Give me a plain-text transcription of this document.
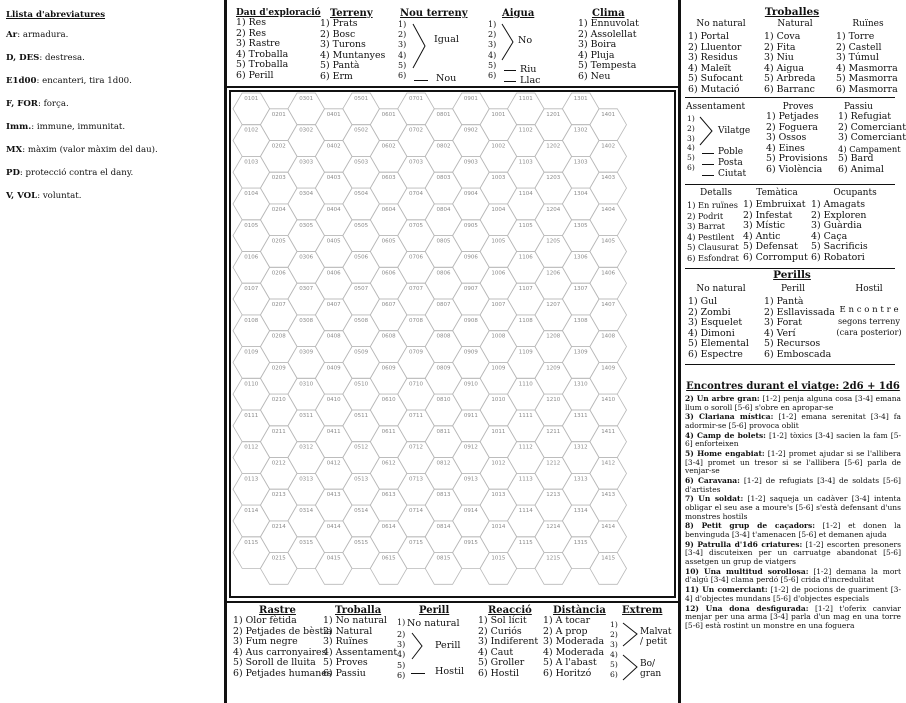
Llista d'abreviatures
Ar: armadura.
D, DES: destresa.
E1d00: encanteri, tira 1d00.
F, FOR: força.
Imm.: immune, immunitat.
MX: màxim (valor màxim del dau).
PD: protecció contra el dany.
V, VOL: voluntat.
Dau d'exploració
1) Res
2) Res
3) Rastre
4) Troballa
5) Troballa
6) Perill
Terreny
1) Prats
2) Bosc
3) Turons
4) Muntanyes
5) Pantà
6) Erm
Nou terreny
1)
2)
3)
4)
5)
6)
Igual
Nou
Aigua
1)
2)
3)
4)
5)
6)
No
Riu
Llac
Clima
1) Ennuvolat
2) Assolellat
3) Boira
4) Pluja
5) Tempesta
6) Neu
0101
0102
0103
0104
0105
0106
0107
0108
0109
0110
0111
0112
0113
0114
0115
0201
0202
0203
0204
0205
0206
0207
0208
0209
0210
0211
0212
0213
0214
0215
0301
0302
0303
0304
0305
0306
0307
0308
0309
0310
0311
0312
0313
0314
0315
0401
0402
0403
0404
0405
0406
0407
0408
0409
0410
0411
0412
0413
0414
0415
0501
0502
0503
0504
0505
0506
0507
0508
0509
0510
0511
0512
0513
0514
0515
0601
0602
0603
0604
0605
0606
0607
0608
0609
0610
0611
0612
0613
0614
0615
0701
0702
0703
0704
0705
0706
0707
0708
0709
0710
0711
0712
0713
0714
0715
0801
0802
0803
0804
0805
0806
0807
0808
0809
0810
0811
0812
0813
0814
0815
0901
0902
0903
0904
0905
0906
0907
0908
0909
0910
0911
0912
0913
0914
0915
1001
1002
1003
1004
1005
1006
1007
1008
1009
1010
1011
1012
1013
1014
1015
1101
1102
1103
1104
1105
1106
1107
1108
1109
1110
1111
1112
1113
1114
1115
1201
1202
1203
1204
1205
1206
1207
1208
1209
1210
1211
1212
1213
1214
1215
1301
1302
1303
1304
1305
1306
1307
1308
1309
1310
1311
1312
1313
1314
1315
1401
1402
1403
1404
1405
1406
1407
1408
1409
1410
1411
1412
1413
1414
1415
Rastre
1) Olor fètida
2) Petjades de bèstia
3) Fum negre
4) Aus carronyaires
5) Soroll de lluita
6) Petjades humanes
Troballa
1) No natural
2) Natural
3) Ruïnes
4) Assentament
5) Proves
6) Passiu
Perill
1) No natural
2)
3)
4)
5)
6)
Perill
Hostil
Reacció
1) Sol lícit
2) Curiós
3) Indiferent
4) Caut
5) Groller
6) Hostil
Distància
1) A tocar
2) A prop
3) Moderada
4) Moderada
5) A l'abast
6) Horitzó
Extrem
1)
2)
3)
4)
5)
6)
Malvat
/ petit
Bo/
gran
Troballes
No natural
1) Portal
2) Lluentor
3) Residus
4) Maleït
5) Sufocant
6) Mutació
Natural
1) Cova
2) Fita
3) Niu
4) Aigua
5) Arbreda
6) Barranc
Ruïnes
1) Torre
2) Castell
3) Túmul
4) Masmorra
5) Masmorra
6) Masmorra
Assentament
1)
2)
3)
4)
5)
6)
Vilatge
Poble
Posta
Ciutat
Proves
1) Petjades
2) Foguera
3) Ossos
4) Eines
5) Provisions
6) Violència
Passiu
1) Refugiat
2) Comerciant
3) Comerciant
4) Campament
5) Bard
6) Animal
Detalls
1) En ruïnes
2) Podrit
3) Barrat
4) Pestilent
5) Clausurat
6) Esfondrat
Temàtica
1) Embruixat
2) Infestat
3) Místic
4) Antic
5) Defensat
6) Corromput
Ocupants
1) Amagats
2) Exploren
3) Guàrdia
4) Caça
5) Sacrificis
6) Robatori
Perills
No natural
1) Gul
2) Zombi
3) Esquelet
4) Dimoni
5) Elemental
6) Espectre
Perill
1) Pantà
2) Esllavissada
3) Forat
4) Verí
5) Recursos
6) Emboscada
Hostil
E n c o n t r e
segons terreny
(cara posterior)
Encontres durant el viatge: 2d6 + 1d6
2) Un arbre gran: [1-2] penja alguna cosa [3-4] emana llum o soroll [5-6] s'obre en apropar-se
3) Clariana mística: [1-2] emana serenitat [3-4] fa adormir-se [5-6] provoca oblit
4) Camp de bolets: [1-2] tòxics [3-4] sacien la fam [5-6] enforteixen
5) Home engabiat: [1-2] promet ajudar si se l'allibera [3-4] promet un tresor si se l'allibera [5-6] parla de venjar-se
6) Caravana: [1-2] de refugiats [3-4] de soldats [5-6] d'artistes
7) Un soldat: [1-2] saqueja un cadàver [3-4] intenta obligar el seu ase a moure's [5-6] s'està defensant d'uns monstres hostils
8) Petit grup de caçadors: [1-2] et donen la benvinguda [3-4] t'amenacen [5-6] et demanen ajuda
9) Patrulla d'1d6 criatures: [1-2] escorten presoners [3-4] discuteixen per un carruatge abandonat [5-6] assetgen un grup de viatgers
10) Una multitud sorollosa: [1-2] demana la mort d'algú [3-4] clama perdó [5-6] crida d'incredulitat
11) Un comerciant: [1-2] de pocions de guariment [3-4] d'objectes mundans [5-6] d'objectes especials
12) Una dona desfigurada: [1-2] t'oferix canviar menjar per una arma [3-4] parla d'un mag en una torre [5-6] està rostint un monstre en una foguera
